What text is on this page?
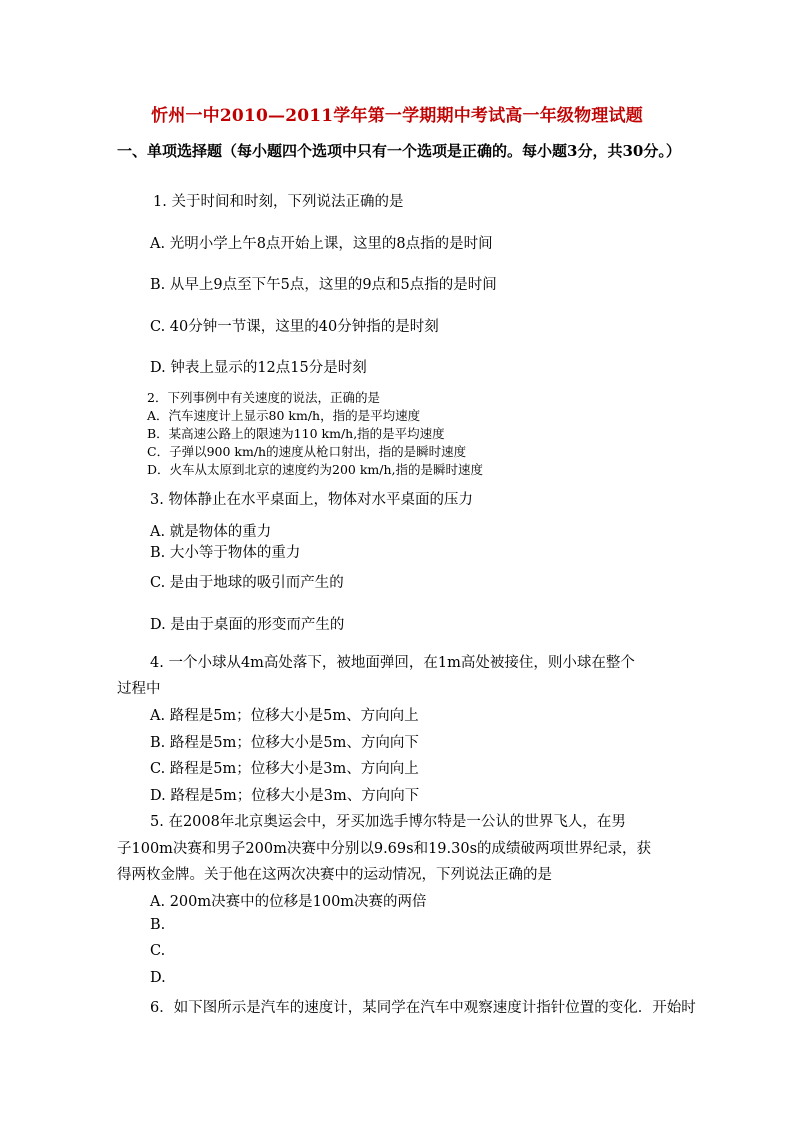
忻州一中2010—2011学年第一学期期中考试高一年级物理试题
一、单项选择题（每小题四个选项中只有一个选项是正确的。每小题3分，共30分。）
1. 关于时间和时刻，下列说法正确的是
A. 光明小学上午8点开始上课，这里的8点指的是时间
B. 从早上9点至下午5点，这里的9点和5点指的是时间
C. 40分钟一节课，这里的40分钟指的是时刻
D. 钟表上显示的12点15分是时刻
2．下列事例中有关速度的说法，正确的是
A．汽车速度计上显示80 km/h，指的是平均速度
B．某高速公路上的限速为110 km/h,指的是平均速度
C．子弹以900 km/h的速度从枪口射出，指的是瞬时速度
D．火车从太原到北京的速度约为200 km/h,指的是瞬时速度
3. 物体静止在水平桌面上，物体对水平桌面的压力
A. 就是物体的重力
B. 大小等于物体的重力
C. 是由于地球的吸引而产生的
D. 是由于桌面的形变而产生的
4. 一个小球从4m高处落下，被地面弹回，在1m高处被接住，则小球在整个
过程中
A. 路程是5m；位移大小是5m、方向向上
B. 路程是5m；位移大小是5m、方向向下
C. 路程是5m；位移大小是3m、方向向上
D. 路程是5m；位移大小是3m、方向向下
5. 在2008年北京奥运会中，牙买加选手博尔特是一公认的世界飞人，在男
子100m决赛和男子200m决赛中分别以9.69s和19.30s的成绩破两项世界纪录，获
得两枚金牌。关于他在这两次决赛中的运动情况，下列说法正确的是
A. 200m决赛中的位移是100m决赛的两倍
B.
C.
D.
6．如下图所示是汽车的速度计，某同学在汽车中观察速度计指针位置的变化．开始时
